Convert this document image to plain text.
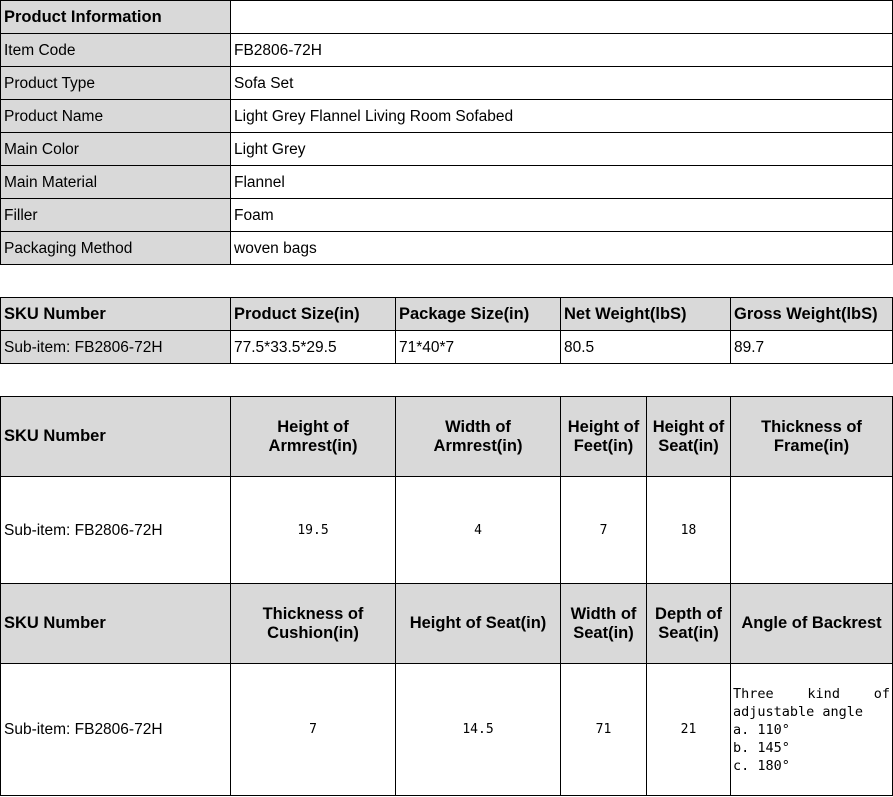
Product Information	
Item Code	FB2806-72H
Product Type	Sofa Set
Product Name	Light Grey Flannel Living Room Sofabed
Main Color	Light Grey
Main Material	Flannel
Filler	Foam
Packaging Method	woven bags
SKU Number	Product Size(in)	Package Size(in)	Net Weight(lbS)	Gross Weight(lbS)
Sub-item: FB2806-72H	77.5*33.5*29.5	71*40*7	80.5	89.7
SKU Number	Height of Armrest(in)	Width of Armrest(in)	Height of Feet(in)	Height of Seat(in)	Thickness of Frame(in)
Sub-item: FB2806-72H	19.5	4	7	18	
SKU Number	Thickness of Cushion(in)	Height of Seat(in)	Width of Seat(in)	Depth of Seat(in)	Angle of Backrest
Sub-item: FB2806-72H	7	14.5	71	21	Three kind of
adjustable angle
a. 110°
b. 145°
c. 180°
